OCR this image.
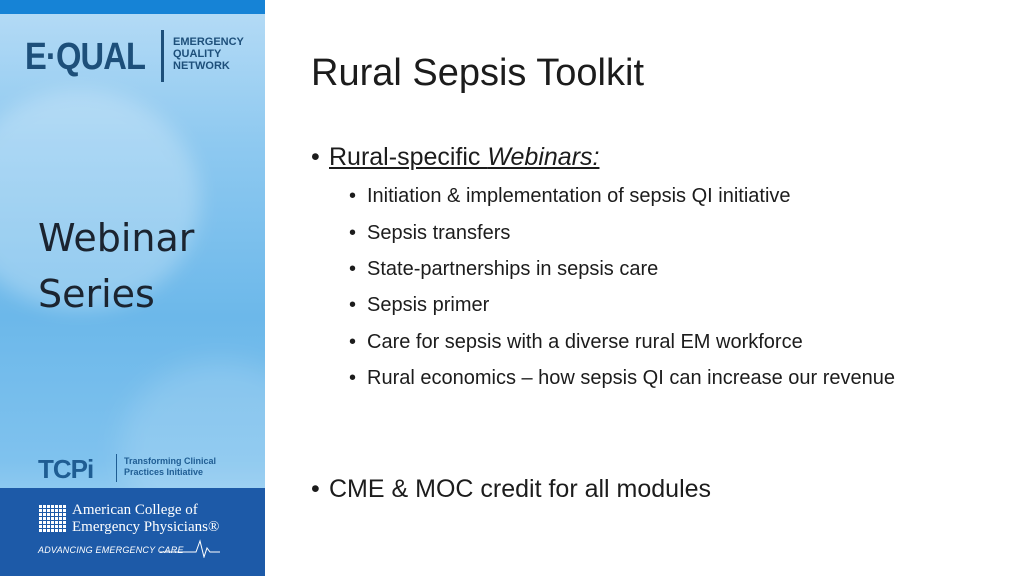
E·QUAL	EMERGENCY
QUALITY
NETWORK
Webinar
Series
TCPi	Transforming Clinical
Practices Initiative
American College of
Emergency Physicians®
ADVANCING EMERGENCY CARE
Rural Sepsis Toolkit
• Rural-specific Webinars:
• Initiation & implementation of sepsis QI initiative
• Sepsis transfers
• State-partnerships in sepsis care
• Sepsis primer
• Care for sepsis with a diverse rural EM workforce
• Rural economics – how sepsis QI can increase our revenue
• CME & MOC credit for all modules
